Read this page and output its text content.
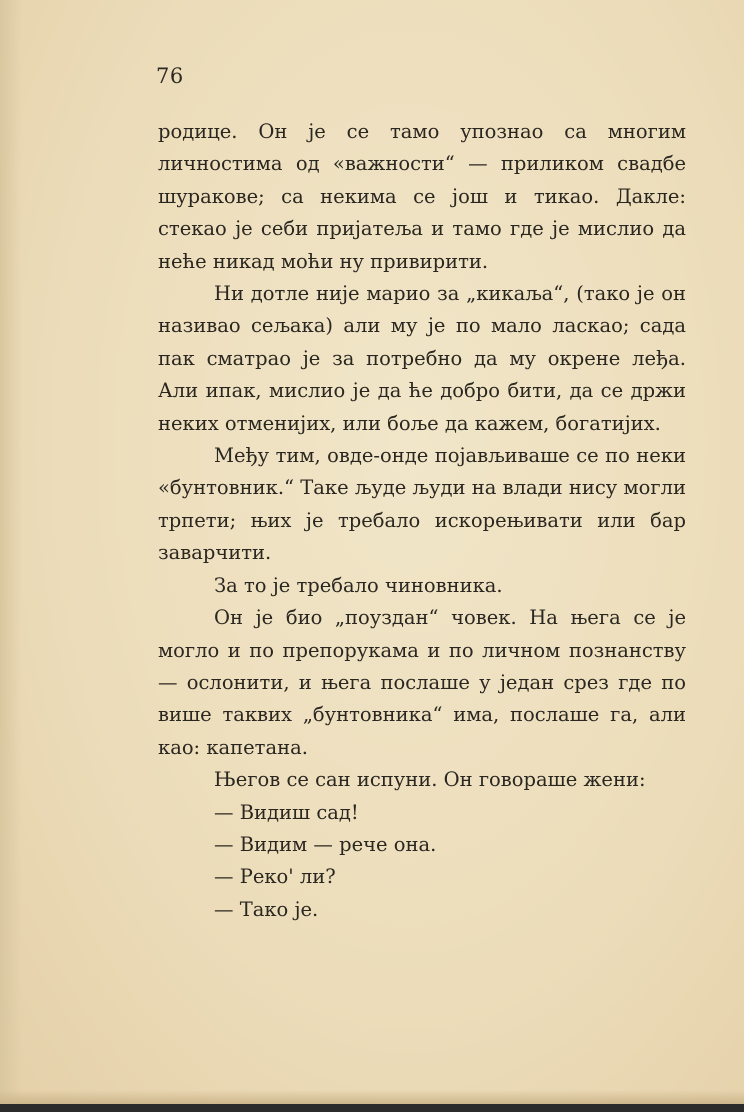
76

родице. Он је се тамо упознао са многим личностима од «важности“ — приликом свадбе шуракове; са некима се још и тикао. Дакле: стекао је себи пријатеља и тамо где је мислио да неће никад моћи ну привирити.

Ни дотле није марио за „кикаља“, (тако је он називао сељака) али му је по мало ласкао; сада пак сматрао је за потребно да му окрене леђа. Али ипак, мислио је да ће добро бити, да се држи неких отменијих, или боље да кажем, богатијих.

Међу тим, овде-онде појављиваше се по неки «бунтовник.“ Таке људе људи на влади нису могли трпети; њих је требало искорењивати или бар заварчити.

За то је требало чиновника.

Он је био „поуздан“ човек. На њега се је могло и по препорукама и по личном познанству — ослонити, и њега послаше у један срез где по више таквих „бунтовника“ има, послаше га, али као: капетана.

Његов се сан испуни. Он говораше жени:

— Видиш сад!

— Видим — рече она.

— Реко' ли?

— Тако је.
